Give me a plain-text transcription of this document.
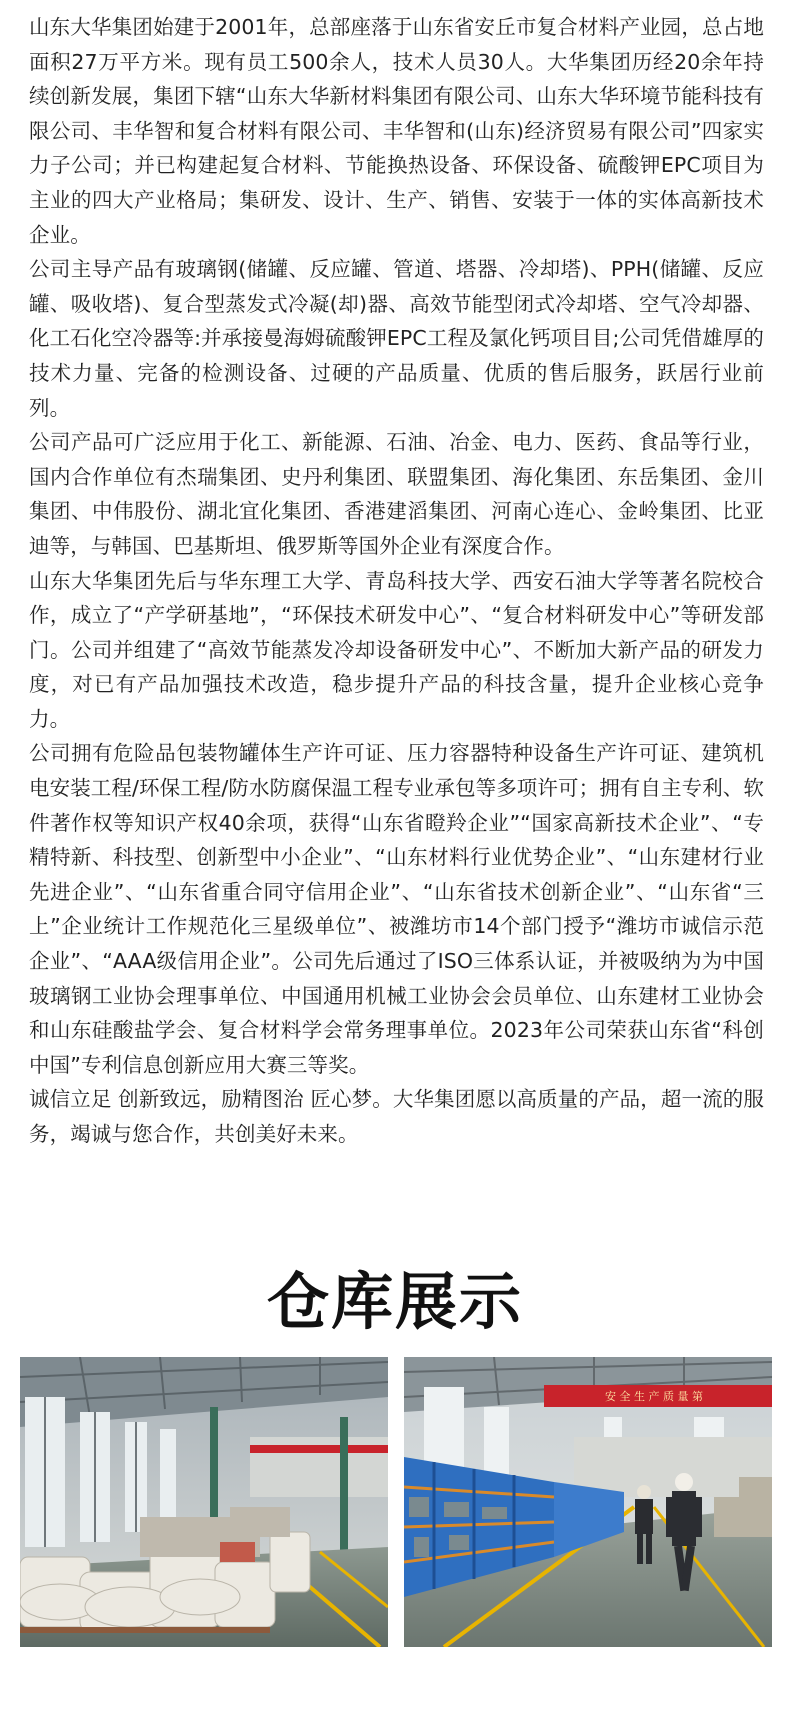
山东大华集团始建于2001年，总部座落于山东省安丘市复合材料产业园，总占地面积27万平方米。现有员工500余人，技术人员30人。大华集团历经20余年持续创新发展，集团下辖“山东大华新材料集团有限公司、山东大华环境节能科技有限公司、丰华智和复合材料有限公司、丰华智和(山东)经济贸易有限公司”四家实力子公司；并已构建起复合材料、节能换热设备、环保设备、硫酸钾EPC项目为主业的四大产业格局；集研发、设计、生产、销售、安装于一体的实体高新技术企业。

公司主导产品有玻璃钢(储罐、反应罐、管道、塔器、冷却塔)、PPH(储罐、反应罐、吸收塔)、复合型蒸发式冷凝(却)器、高效节能型闭式冷却塔、空气冷却器、化工石化空冷器等:并承接曼海姆硫酸钾EPC工程及氯化钙项目目;公司凭借雄厚的技术力量、完备的检测设备、过硬的产品质量、优质的售后服务，跃居行业前列。

公司产品可广泛应用于化工、新能源、石油、冶金、电力、医药、食品等行业，国内合作单位有杰瑞集团、史丹利集团、联盟集团、海化集团、东岳集团、金川集团、中伟股份、湖北宜化集团、香港建滔集团、河南心连心、金岭集团、比亚迪等，与韩国、巴基斯坦、俄罗斯等国外企业有深度合作。

山东大华集团先后与华东理工大学、青岛科技大学、西安石油大学等著名院校合作，成立了“产学研基地”，“环保技术研发中心”、“复合材料研发中心”等研发部门。公司并组建了“高效节能蒸发冷却设备研发中心”、不断加大新产品的研发力度，对已有产品加强技术改造，稳步提升产品的科技含量，提升企业核心竞争力。

公司拥有危险品包装物罐体生产许可证、压力容器特种设备生产许可证、建筑机电安装工程/环保工程/防水防腐保温工程专业承包等多项许可；拥有自主专利、软件著作权等知识产权40余项，获得“山东省瞪羚企业”“国家高新技术企业”、“专精特新、科技型、创新型中小企业”、“山东材料行业优势企业”、“山东建材行业先进企业”、“山东省重合同守信用企业”、“山东省技术创新企业”、“山东省“三上”企业统计工作规范化三星级单位”、被潍坊市14个部门授予“潍坊市诚信示范企业”、“AAA级信用企业”。公司先后通过了ISO三体系认证，并被吸纳为为中国玻璃钢工业协会理事单位、中国通用机械工业协会会员单位、山东建材工业协会和山东硅酸盐学会、复合材料学会常务理事单位。2023年公司荣获山东省“科创中国”专利信息创新应用大赛三等奖。

诚信立足 创新致远，励精图治 匠心梦。大华集团愿以高质量的产品，超一流的服务，竭诚与您合作，共创美好未来。

仓库展示
安 全 生 产 质 量 第
